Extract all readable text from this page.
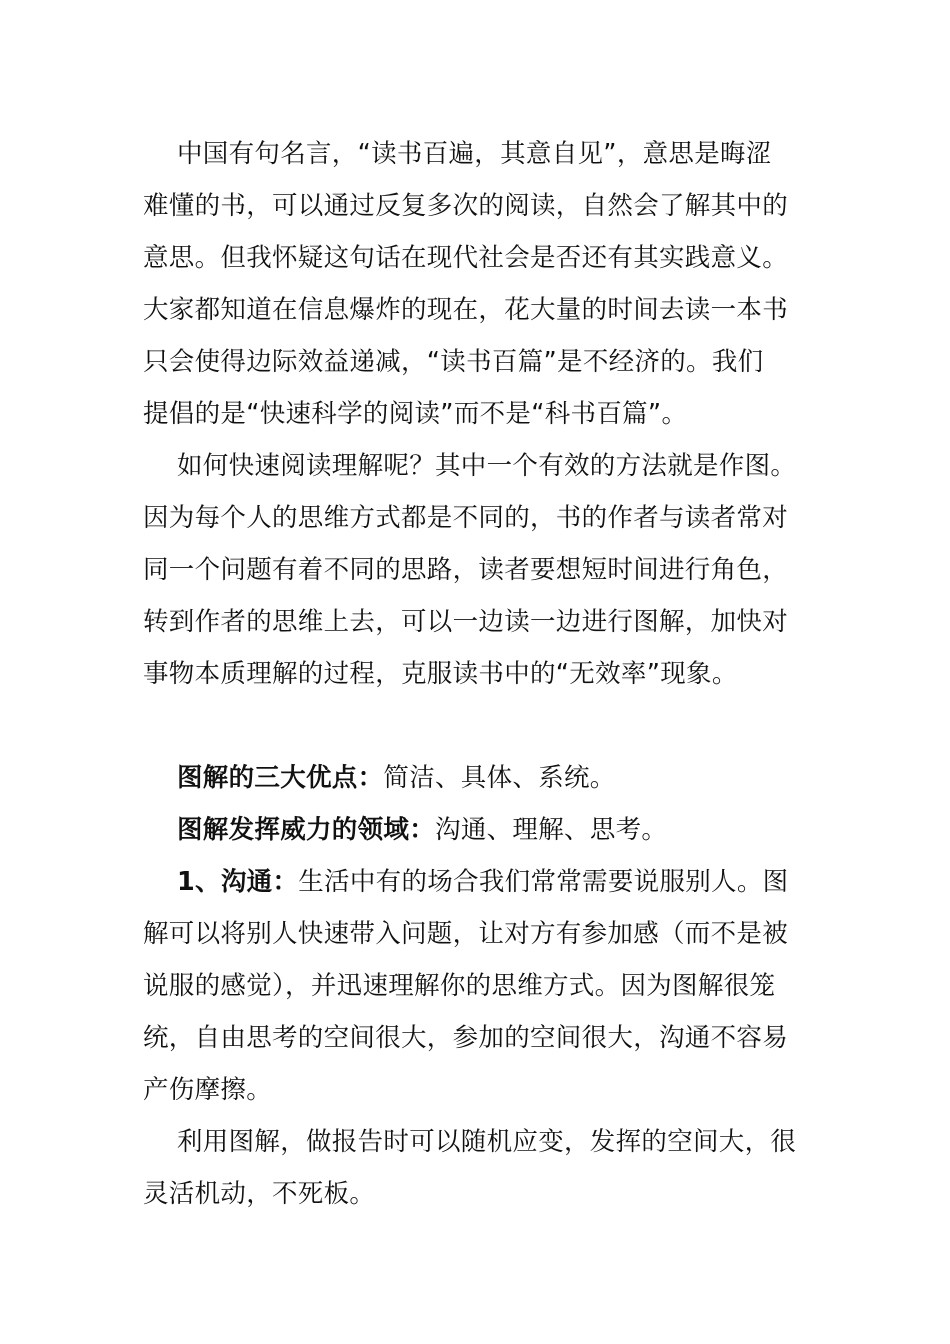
中国有句名言，“读书百遍，其意自见”，意思是晦涩
难懂的书，可以通过反复多次的阅读，自然会了解其中的
意思。但我怀疑这句话在现代社会是否还有其实践意义。
大家都知道在信息爆炸的现在，花大量的时间去读一本书
只会使得边际效益递减，“读书百篇”是不经济的。我们
提倡的是“快速科学的阅读”而不是“科书百篇”。
如何快速阅读理解呢？其中一个有效的方法就是作图。
因为每个人的思维方式都是不同的，书的作者与读者常对
同一个问题有着不同的思路，读者要想短时间进行角色，
转到作者的思维上去，可以一边读一边进行图解，加快对
事物本质理解的过程，克服读书中的“无效率”现象。
图解的三大优点：简洁、具体、系统。
图解发挥威力的领域：沟通、理解、思考。
1、沟通：生活中有的场合我们常常需要说服别人。图
解可以将别人快速带入问题，让对方有参加感（而不是被
说服的感觉），并迅速理解你的思维方式。因为图解很笼
统，自由思考的空间很大，参加的空间很大，沟通不容易
产伤摩擦。
利用图解，做报告时可以随机应变，发挥的空间大，很
灵活机动，不死板。
